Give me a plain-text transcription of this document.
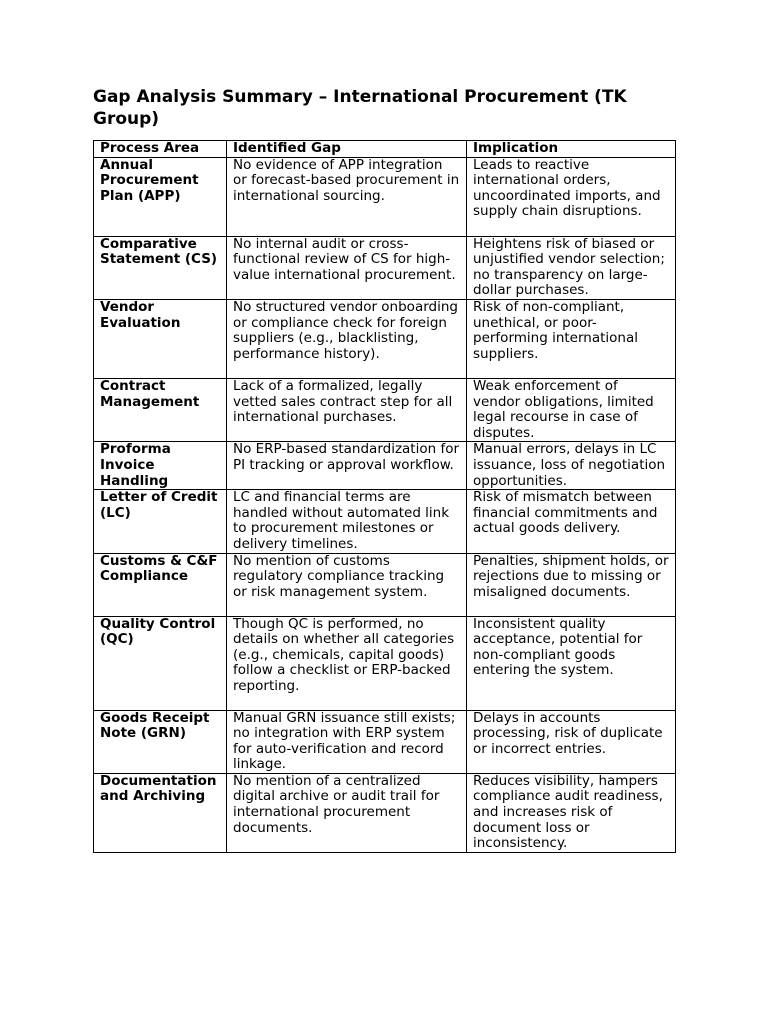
Gap Analysis Summary – International Procurement (TK Group)
Process Area	Identified Gap	Implication
Annual Procurement Plan (APP)	No evidence of APP integration or forecast-based procurement in international sourcing.	Leads to reactive international orders, uncoordinated imports, and supply chain disruptions.
Comparative Statement (CS)	No internal audit or cross-functional review of CS for high-value international procurement.	Heightens risk of biased or unjustified vendor selection; no transparency on large-dollar purchases.
Vendor Evaluation	No structured vendor onboarding or compliance check for foreign suppliers (e.g., blacklisting, performance history).	Risk of non-compliant, unethical, or poor-performing international suppliers.
Contract Management	Lack of a formalized, legally vetted sales contract step for all international purchases.	Weak enforcement of vendor obligations, limited legal recourse in case of disputes.
Proforma Invoice Handling	No ERP-based standardization for PI tracking or approval workflow.	Manual errors, delays in LC issuance, loss of negotiation opportunities.
Letter of Credit (LC)	LC and financial terms are handled without automated link to procurement milestones or delivery timelines.	Risk of mismatch between financial commitments and actual goods delivery.
Customs & C&F Compliance	No mention of customs regulatory compliance tracking or risk management system.	Penalties, shipment holds, or rejections due to missing or misaligned documents.
Quality Control (QC)	Though QC is performed, no details on whether all categories (e.g., chemicals, capital goods) follow a checklist or ERP-backed reporting.	Inconsistent quality acceptance, potential for non-compliant goods entering the system.
Goods Receipt Note (GRN)	Manual GRN issuance still exists; no integration with ERP system for auto-verification and record linkage.	Delays in accounts processing, risk of duplicate or incorrect entries.
Documentation and Archiving	No mention of a centralized digital archive or audit trail for international procurement documents.	Reduces visibility, hampers compliance audit readiness, and increases risk of document loss or inconsistency.
